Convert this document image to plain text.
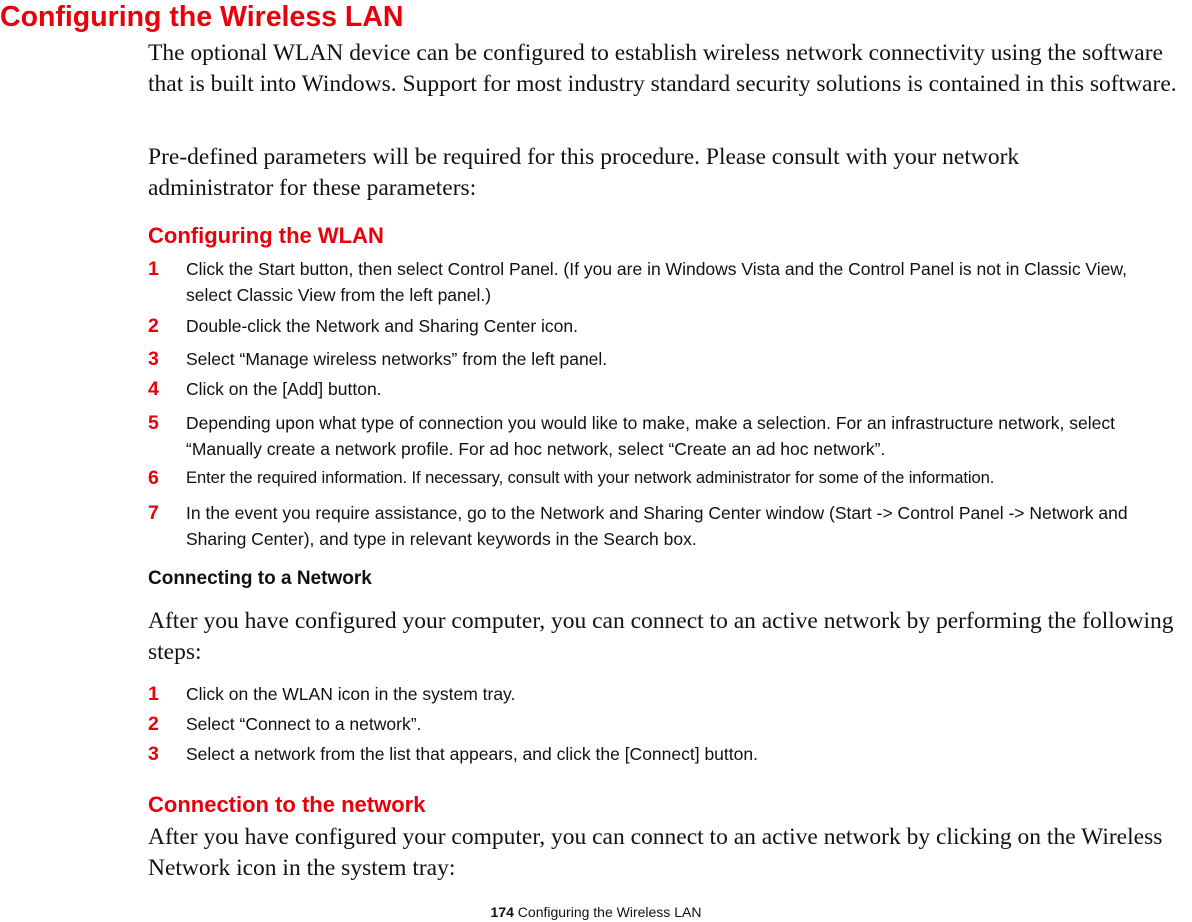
Configuring the Wireless LAN
The optional WLAN device can be configured to establish wireless network connectivity using the software that is built into Windows. Support for most industry standard security solutions is contained in this software.
Pre-defined parameters will be required for this procedure. Please consult with your network administrator for these parameters:
Configuring the WLAN
1 Click the Start button, then select Control Panel. (If you are in Windows Vista and the Control Panel is not in Classic View, select Classic View from the left panel.)
2 Double-click the Network and Sharing Center icon.
3 Select “Manage wireless networks” from the left panel.
4 Click on the [Add] button.
5 Depending upon what type of connection you would like to make, make a selection. For an infrastructure network, select “Manually create a network profile. For ad hoc network, select “Create an ad hoc network”.
6 Enter the required information. If necessary, consult with your network administrator for some of the information.
7 In the event you require assistance, go to the Network and Sharing Center window (Start -> Control Panel -> Network and Sharing Center), and type in relevant keywords in the Search box.
Connecting to a Network
After you have configured your computer, you can connect to an active network by performing the following steps:
1 Click on the WLAN icon in the system tray.
2 Select “Connect to a network”.
3 Select a network from the list that appears, and click the [Connect] button.
Connection to the network
After you have configured your computer, you can connect to an active network by clicking on the Wireless Network icon in the system tray:
174 Configuring the Wireless LAN
